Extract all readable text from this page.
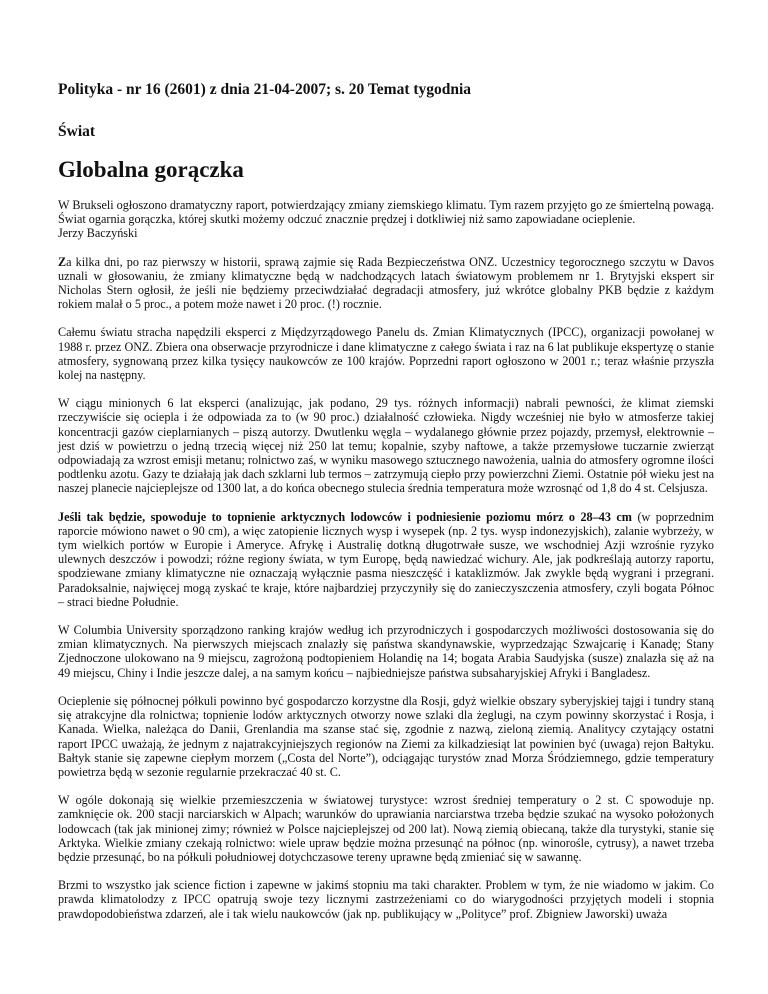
Polityka - nr 16 (2601) z dnia 21-04-2007; s. 20 Temat tygodnia
Świat
Globalna gorączka

W Brukseli ogłoszono dramatyczny raport, potwierdzający zmiany ziemskiego klimatu. Tym razem przyjęto go ze śmiertelną powagą. Świat ogarnia gorączka, której skutki możemy odczuć znacznie prędzej i dotkliwiej niż samo zapowiadane ocieplenie.
Jerzy Baczyński

Za kilka dni, po raz pierwszy w historii, sprawą zajmie się Rada Bezpieczeństwa ONZ. Uczestnicy tegorocznego szczytu w Davos uznali w głosowaniu, że zmiany klimatyczne będą w nadchodzących latach światowym problemem nr 1. Brytyjski ekspert sir Nicholas Stern ogłosił, że jeśli nie będziemy przeciwdziałać degradacji atmosfery, już wkrótce globalny PKB będzie z każdym rokiem malał o 5 proc., a potem może nawet i 20 proc. (!) rocznie.

Całemu światu stracha napędzili eksperci z Międzyrządowego Panelu ds. Zmian Klimatycznych (IPCC), organizacji powołanej w 1988 r. przez ONZ. Zbiera ona obserwacje przyrodnicze i dane klimatyczne z całego świata i raz na 6 lat publikuje ekspertyzę o stanie atmosfery, sygnowaną przez kilka tysięcy naukowców ze 100 krajów. Poprzedni raport ogłoszono w 2001 r.; teraz właśnie przyszła kolej na następny.

W ciągu minionych 6 lat eksperci (analizując, jak podano, 29 tys. różnych informacji) nabrali pewności, że klimat ziemski rzeczywiście się ociepla i że odpowiada za to (w 90 proc.) działalność człowieka. Nigdy wcześniej nie było w atmosferze takiej koncentracji gazów cieplarnianych – piszą autorzy. Dwutlenku węgla – wydalanego głównie przez pojazdy, przemysł, elektrownie – jest dziś w powietrzu o jedną trzecią więcej niż 250 lat temu; kopalnie, szyby naftowe, a także przemysłowe tuczarnie zwierząt odpowiadają za wzrost emisji metanu; rolnictwo zaś, w wyniku masowego sztucznego nawożenia, ualnia do atmosfery ogromne ilości podtlenku azotu. Gazy te działają jak dach szklarni lub termos – zatrzymują ciepło przy powierzchni Ziemi. Ostatnie pół wieku jest na naszej planecie najcieplejsze od 1300 lat, a do końca obecnego stulecia średnia temperatura może wzrosnąć od 1,8 do 4 st. Celsjusza.

Jeśli tak będzie, spowoduje to topnienie arktycznych lodowców i podniesienie poziomu mórz o 28–43 cm (w poprzednim raporcie mówiono nawet o 90 cm), a więc zatopienie licznych wysp i wysepek (np. 2 tys. wysp indonezyjskich), zalanie wybrzeży, w tym wielkich portów w Europie i Ameryce. Afrykę i Australię dotkną długotrwałe susze, we wschodniej Azji wzrośnie ryzyko ulewnych deszczów i powodzi; różne regiony świata, w tym Europę, będą nawiedzać wichury. Ale, jak podkreślają autorzy raportu, spodziewane zmiany klimatyczne nie oznaczają wyłącznie pasma nieszczęść i kataklizmów. Jak zwykle będą wygrani i przegrani. Paradoksalnie, najwięcej mogą zyskać te kraje, które najbardziej przyczyniły się do zanieczyszczenia atmosfery, czyli bogata Północ – straci biedne Południe.

W Columbia University sporządzono ranking krajów według ich przyrodniczych i gospodarczych możliwości dostosowania się do zmian klimatycznych. Na pierwszych miejscach znalazły się państwa skandynawskie, wyprzedzając Szwajcarię i Kanadę; Stany Zjednoczone ulokowano na 9 miejscu, zagrożoną podtopieniem Holandię na 14; bogata Arabia Saudyjska (susze) znalazła się aż na 49 miejscu, Chiny i Indie jeszcze dalej, a na samym końcu – najbiedniejsze państwa subsaharyjskiej Afryki i Bangladesz.

Ocieplenie się północnej półkuli powinno być gospodarczo korzystne dla Rosji, gdyż wielkie obszary syberyjskiej tajgi i tundry staną się atrakcyjne dla rolnictwa; topnienie lodów arktycznych otworzy nowe szlaki dla żeglugi, na czym powinny skorzystać i Rosja, i Kanada. Wielka, należąca do Danii, Grenlandia ma szanse stać się, zgodnie z nazwą, zieloną ziemią. Analitycy czytający ostatni raport IPCC uważają, że jednym z najatrakcyjniejszych regionów na Ziemi za kilkadziesiąt lat powinien być (uwaga) rejon Bałtyku. Bałtyk stanie się zapewne ciepłym morzem („Costa del Norte”), odciągając turystów znad Morza Śródziemnego, gdzie temperatury powietrza będą w sezonie regularnie przekraczać 40 st. C.

W ogóle dokonają się wielkie przemieszczenia w światowej turystyce: wzrost średniej temperatury o 2 st. C spowoduje np. zamknięcie ok. 200 stacji narciarskich w Alpach; warunków do uprawiania narciarstwa trzeba będzie szukać na wysoko położonych lodowcach (tak jak minionej zimy; również w Polsce najcieplejszej od 200 lat). Nową ziemią obiecaną, także dla turystyki, stanie się Arktyka. Wielkie zmiany czekają rolnictwo: wiele upraw będzie można przesunąć na północ (np. winorośle, cytrusy), a nawet trzeba będzie przesunąć, bo na półkuli południowej dotychczasowe tereny uprawne będą zmieniać się w sawannę.

Brzmi to wszystko jak science fiction i zapewne w jakimś stopniu ma taki charakter. Problem w tym, że nie wiadomo w jakim. Co prawda klimatolodzy z IPCC opatrują swoje tezy licznymi zastrzeżeniami co do wiarygodności przyjętych modeli i stopnia prawdopodobieństwa zdarzeń, ale i tak wielu naukowców (jak np. publikujący w „Polityce” prof. Zbigniew Jaworski) uważa
